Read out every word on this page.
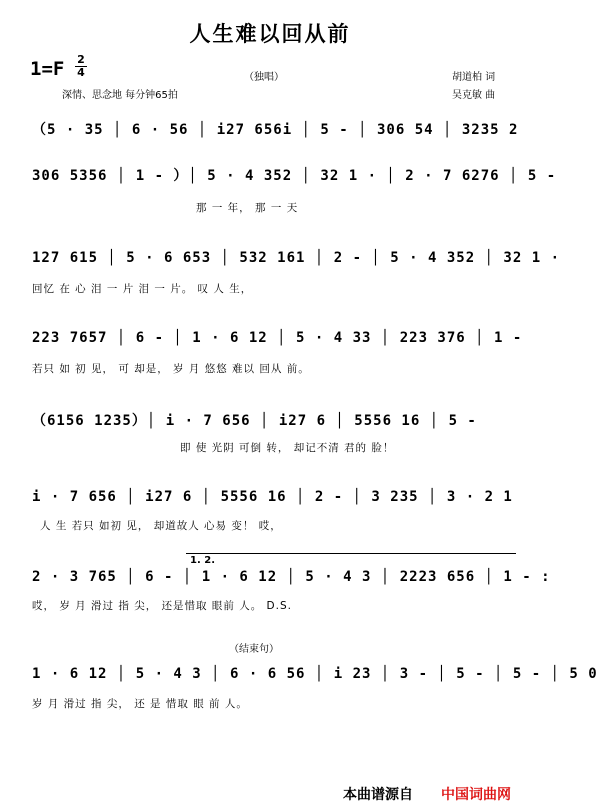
人生难以回从前
1=F 2
4	（独唱）	胡道柏 词
吴克敏 曲
深情、思念地 每分钟65拍
（5 · 35 │ 6 · 56 │ i27 656i │ 5 - │ 306 54 │ 3235 2
306 5356 │ 1 - ）│ 5 · 4 352 │ 32 1 · │ 2 · 7 6276 │ 5 -
那 一 年， 那 一 天
127 615 │ 5 · 6 653 │ 532 161 │ 2 - │ 5 · 4 352 │ 32 1 ·
回忆 在 心 泪 一 片 泪 一 片。 叹 人 生，
223 7657 │ 6 - │ 1 · 6 12 │ 5 · 4 33 │ 223 376 │ 1 -
若只 如 初 见， 可 却是， 岁 月 悠悠 难以 回从 前。
（6156 1235）│ i · 7 656 │ i27 6 │ 5556 16 │ 5 -
即 使 光阴 可倒 转， 却记不清 君的 脸！
i · 7 656 │ i27 6 │ 5556 16 │ 2 - │ 3 235 │ 3 · 2 1
人 生 若只 如初 见， 却道故人 心易 变！ 哎，
1. 2.
2 · 3 765 │ 6 - │ 1 · 6 12 │ 5 · 4 3 │ 2223 656 │ 1 - :
哎， 岁 月 滑过 指 尖， 还是惜取 眼前 人。 D.S.
（结束句）
1 · 6 12 │ 5 · 4 3 │ 6 · 6 56 │ i 23 │ 3 - │ 5 - │ 5 - │ 5 0
岁 月 滑过 指 尖， 还 是 惜取 眼 前 人。
本曲谱源自 中国词曲网
